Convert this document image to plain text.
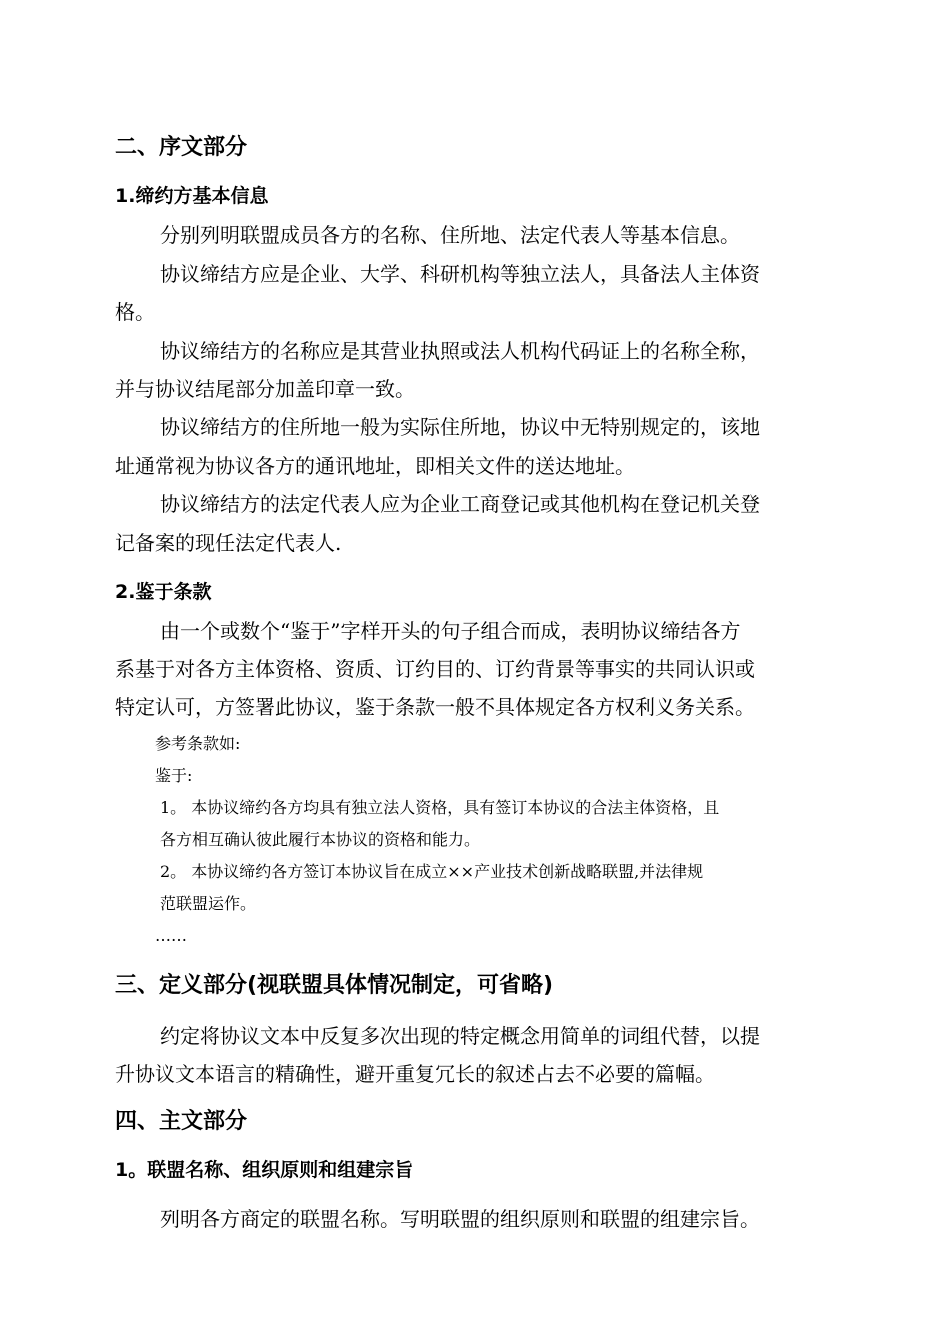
二、序文部分
1.缔约方基本信息
分别列明联盟成员各方的名称、住所地、法定代表人等基本信息。
协议缔结方应是企业、大学、科研机构等独立法人，具备法人主体资
格。
协议缔结方的名称应是其营业执照或法人机构代码证上的名称全称，
并与协议结尾部分加盖印章一致。
协议缔结方的住所地一般为实际住所地，协议中无特别规定的，该地
址通常视为协议各方的通讯地址，即相关文件的送达地址。
协议缔结方的法定代表人应为企业工商登记或其他机构在登记机关登
记备案的现任法定代表人.
2.鉴于条款
由一个或数个“鉴于”字样开头的句子组合而成，表明协议缔结各方
系基于对各方主体资格、资质、订约目的、订约背景等事实的共同认识或
特定认可，方签署此协议，鉴于条款一般不具体规定各方权利义务关系。
参考条款如:
鉴于:
1。 本协议缔约各方均具有独立法人资格，具有签订本协议的合法主体资格，且
各方相互确认彼此履行本协议的资格和能力。
2。 本协议缔约各方签订本协议旨在成立××产业技术创新战略联盟,并法律规
范联盟运作。
……
三、定义部分(视联盟具体情况制定，可省略)
约定将协议文本中反复多次出现的特定概念用简单的词组代替，以提
升协议文本语言的精确性，避开重复冗长的叙述占去不必要的篇幅。
四、主文部分
1。联盟名称、组织原则和组建宗旨
列明各方商定的联盟名称。写明联盟的组织原则和联盟的组建宗旨。
